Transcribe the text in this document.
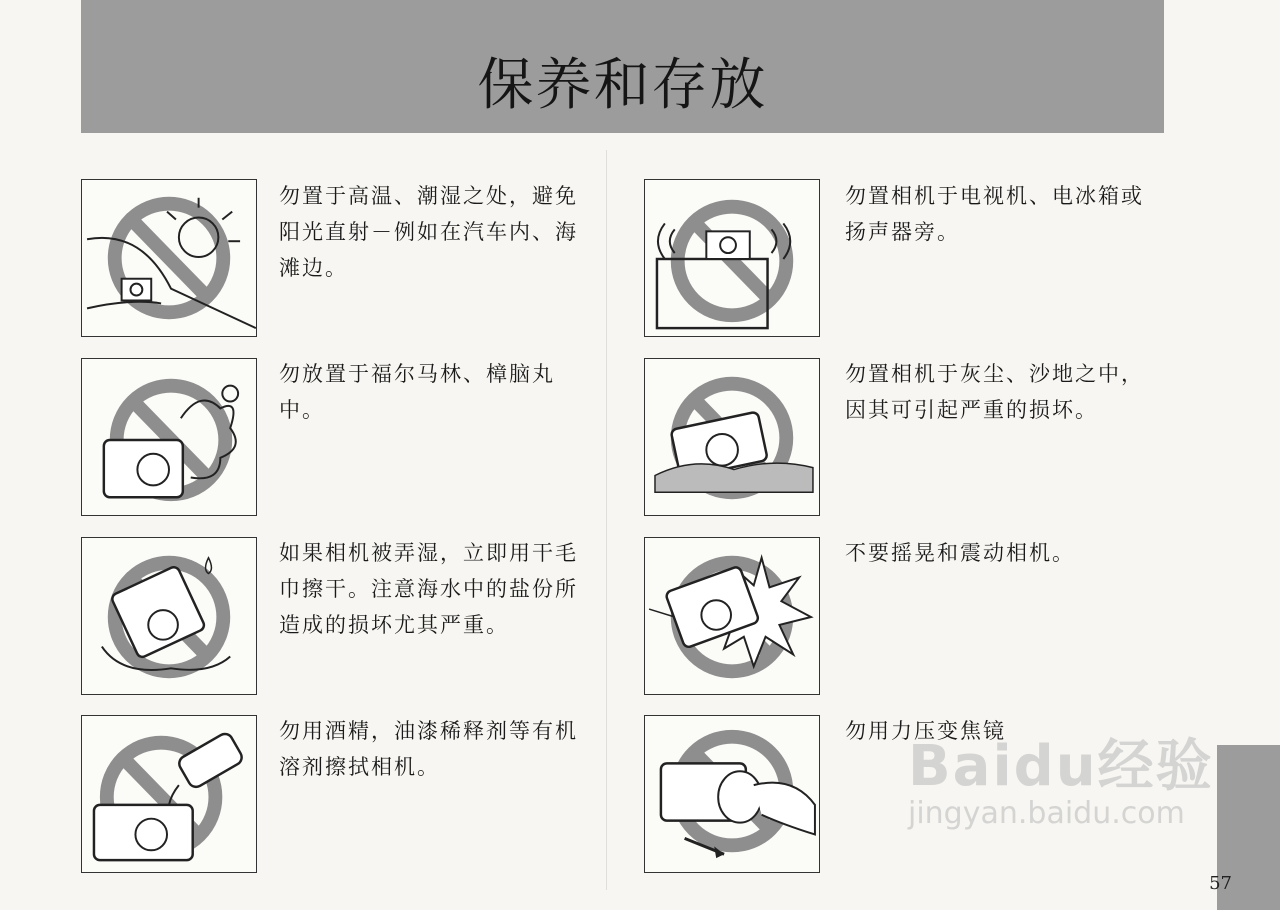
保养和存放
勿置于高温、潮湿之处，避免阳光直射－例如在汽车内、海滩边。
勿置相机于电视机、电冰箱或扬声器旁。
勿放置于福尔马林、樟脑丸中。
勿置相机于灰尘、沙地之中，因其可引起严重的损坏。
如果相机被弄湿，立即用干毛巾擦干。注意海水中的盐份所造成的损坏尤其严重。
不要摇晃和震动相机。
勿用酒精，油漆稀释剂等有机溶剂擦拭相机。
勿用力压变焦镜
Baidu经验
jingyan.baidu.com
57
